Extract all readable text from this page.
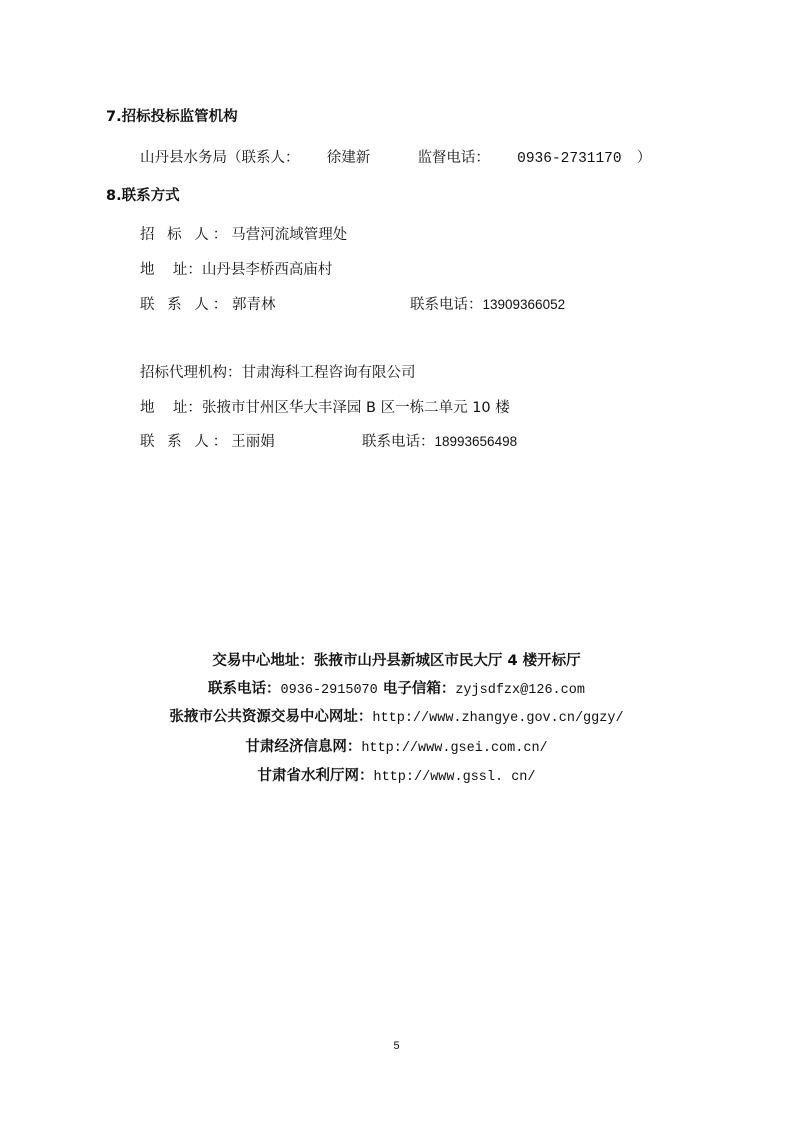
7.招标投标监管机构
山丹县水务局（联系人： 徐建新	监督电话： 0936-2731170 ）
8.联系方式
招 标 人：马营河流域管理处
地    址：山丹县李桥西高庙村
联 系 人： 郭青林	联系电话：13909366052
招标代理机构：甘肃海科工程咨询有限公司
地    址：张掖市甘州区华大丰泽园 B 区一栋二单元 10 楼
联 系 人：王丽娟	联系电话：18993656498
交易中心地址：张掖市山丹县新城区市民大厅 4 楼开标厅
联系电话：0936-2915070 电子信箱：zyjsdfzx@126.com
张掖市公共资源交易中心网址：http://www.zhangye.gov.cn/ggzy/
甘肃经济信息网：http://www.gsei.com.cn/
甘肃省水利厅网：http://www.gssl. cn/
5
